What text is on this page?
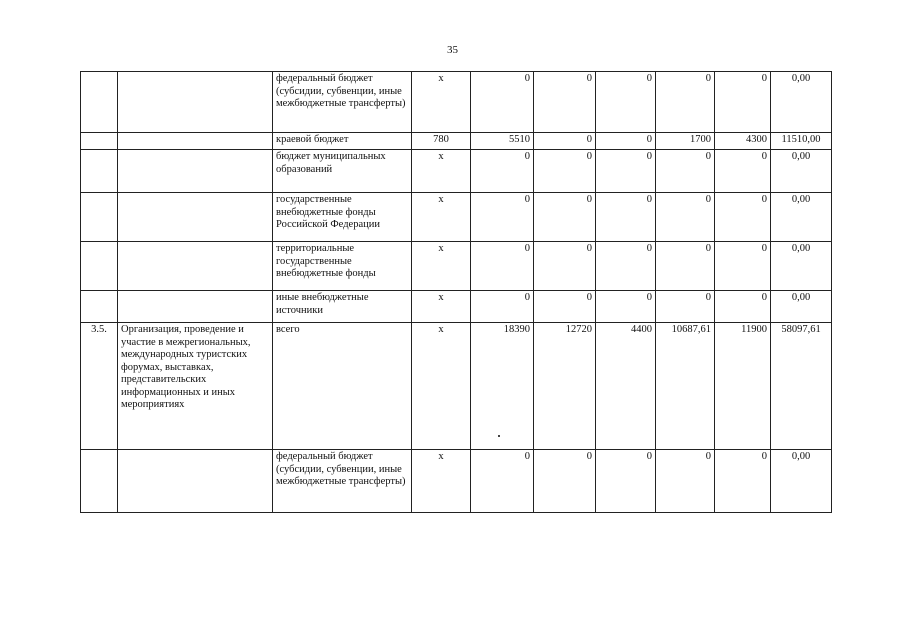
35
		федеральный бюджет (субсидии, субвенции, иные межбюджетные трансферты)	x	0	0	0	0	0	0,00
		краевой бюджет	780	5510	0	0	1700	4300	11510,00
		бюджет муниципальных образований	x	0	0	0	0	0	0,00
		государственные внебюджетные фонды Российской Федерации	x	0	0	0	0	0	0,00
		территориальные государственные внебюджетные фонды	x	0	0	0	0	0	0,00
		иные внебюджетные источники	x	0	0	0	0	0	0,00
3.5.	Организация, проведение и участие в межрегиональных, международных туристских форумах, выставках, представительских информационных и иных мероприятиях	всего	x	18390	12720	4400	10687,61	11900	58097,61
		федеральный бюджет (субсидии, субвенции, иные межбюджетные трансферты)	x	0	0	0	0	0	0,00
